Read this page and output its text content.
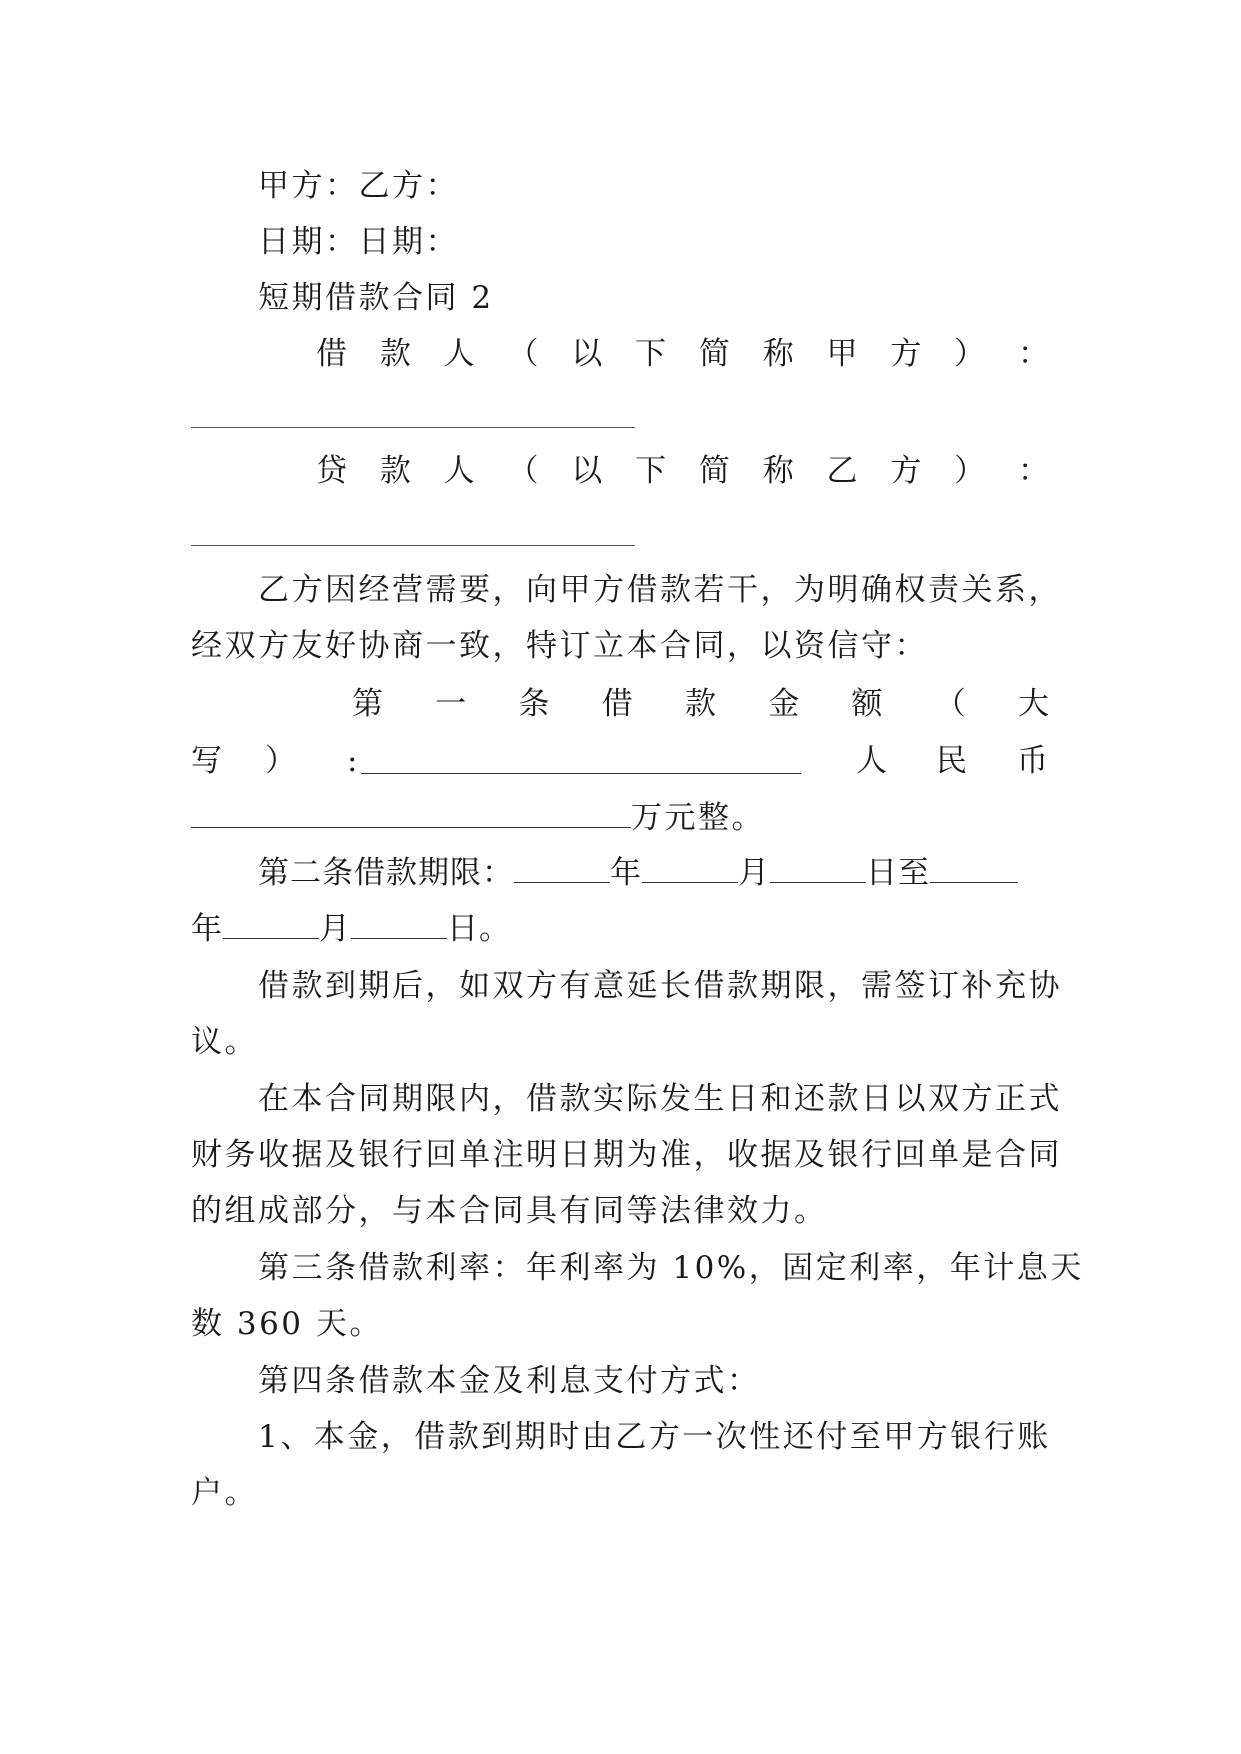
甲方：乙方：
日期：日期：
短期借款合同 2
借 款 人 （ 以 下 简 称 甲 方 ） ：
贷 款 人 （ 以 下 简 称 乙 方 ） ：
乙方因经营需要，向甲方借款若干，为明确权责关系，
经双方友好协商一致，特订立本合同，以资信守：
第 一 条 借 款 金 额 （ 大
写 ） :	人 民 币
万元整。
第二条借款期限：	年	月	日至
年	月	日。
借款到期后，如双方有意延长借款期限，需签订补充协
议。
在本合同期限内，借款实际发生日和还款日以双方正式
财务收据及银行回单注明日期为准，收据及银行回单是合同
的组成部分，与本合同具有同等法律效力。
第三条借款利率：年利率为 10%，固定利率，年计息天
数 360 天。
第四条借款本金及利息支付方式：
1、本金，借款到期时由乙方一次性还付至甲方银行账
户。
